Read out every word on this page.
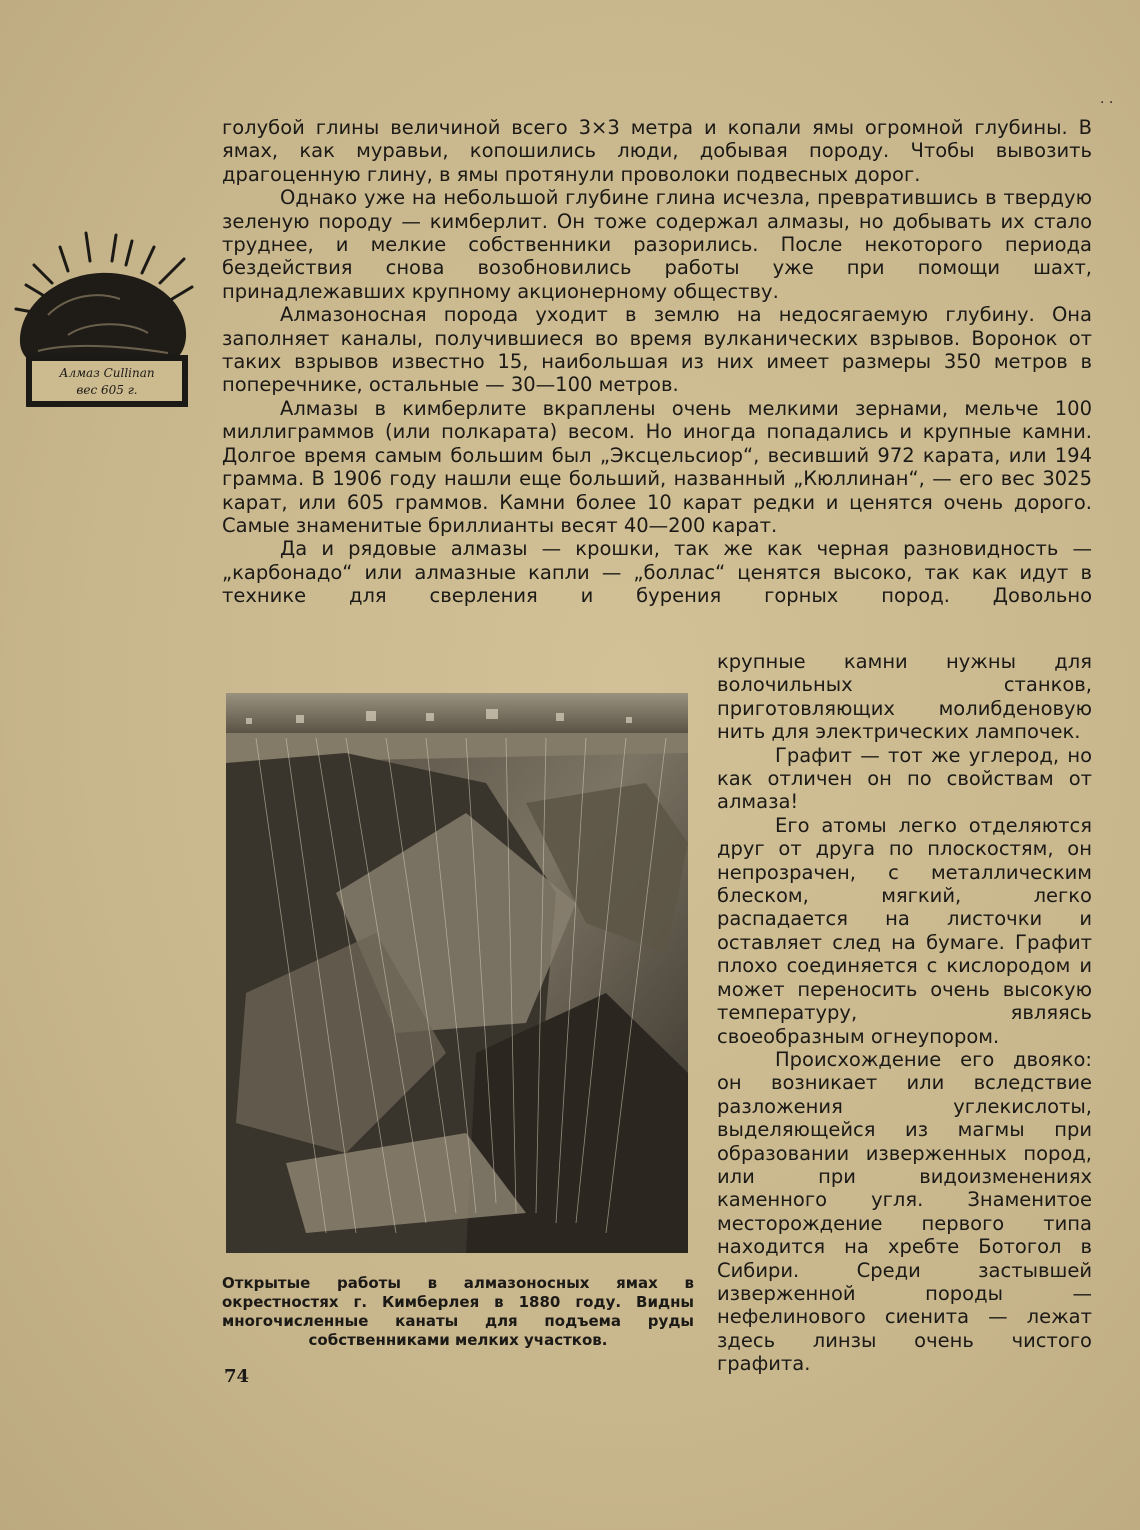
· ·
Алмаз Cullinan
вес 605 г.

голубой глины величиной всего 3×3 метра и копали ямы огромной глубины. В ямах, как муравьи, копошились люди, добывая породу. Чтобы вывозить драгоценную глину, в ямы протянули проволоки подвесных дорог.

Однако уже на небольшой глубине глина исчезла, превратившись в твердую зеленую породу — кимберлит. Он тоже содержал алмазы, но добывать их стало труднее, и мелкие собственники разорились. После некоторого периода бездействия снова возобновились работы уже при помощи шахт, принадлежавших крупному акционерному обществу.

Алмазоносная порода уходит в землю на недосягаемую глубину. Она заполняет каналы, получившиеся во время вулканических взрывов. Воронок от таких взрывов известно 15, наибольшая из них имеет размеры 350 метров в поперечнике, остальные — 30—100 метров.

Алмазы в кимберлите вкраплены очень мелкими зернами, мельче 100 миллиграммов (или полкарата) весом. Но иногда попадались и крупные камни. Долгое время самым большим был „Эксцельсиор“, весивший 972 карата, или 194 грамма. В 1906 году нашли еще больший, названный „Кюллинан“, — его вес 3025 карат, или 605 граммов. Камни более 10 карат редки и ценятся очень дорого. Самые знаменитые бриллианты весят 40—200 карат.

Да и рядовые алмазы — крошки, так же как черная разновидность — „карбонадо“ или алмазные капли — „боллас“ ценятся высоко, так как идут в технике для сверления и бурения горных пород. Довольно

Открытые работы в алмазоносных ямах в окрестностях г. Кимберлея в 1880 году. Видны многочисленные канаты для подъема руды
собственниками мелких участков.

крупные камни нужны для волочильных станков, приготовляющих молибденовую нить для электрических лампочек.

Графит — тот же углерод, но как отличен он по свойствам от алмаза!

Его атомы легко отделяются друг от друга по плоскостям, он непрозрачен, с металлическим блеском, мягкий, легко распадается на листочки и оставляет след на бумаге. Графит плохо соединяется с кислородом и может переносить очень высокую температуру, являясь своеобразным огнеупором.

Происхождение его двояко: он возникает или вследствие разложения углекислоты, выделяющейся из магмы при образовании изверженных пород, или при видоизменениях каменного угля. Знаменитое месторождение первого типа находится на хребте Ботогол в Сибири. Среди застывшей изверженной породы — нефелинового сиенита — лежат здесь линзы очень чистого графита.

74
